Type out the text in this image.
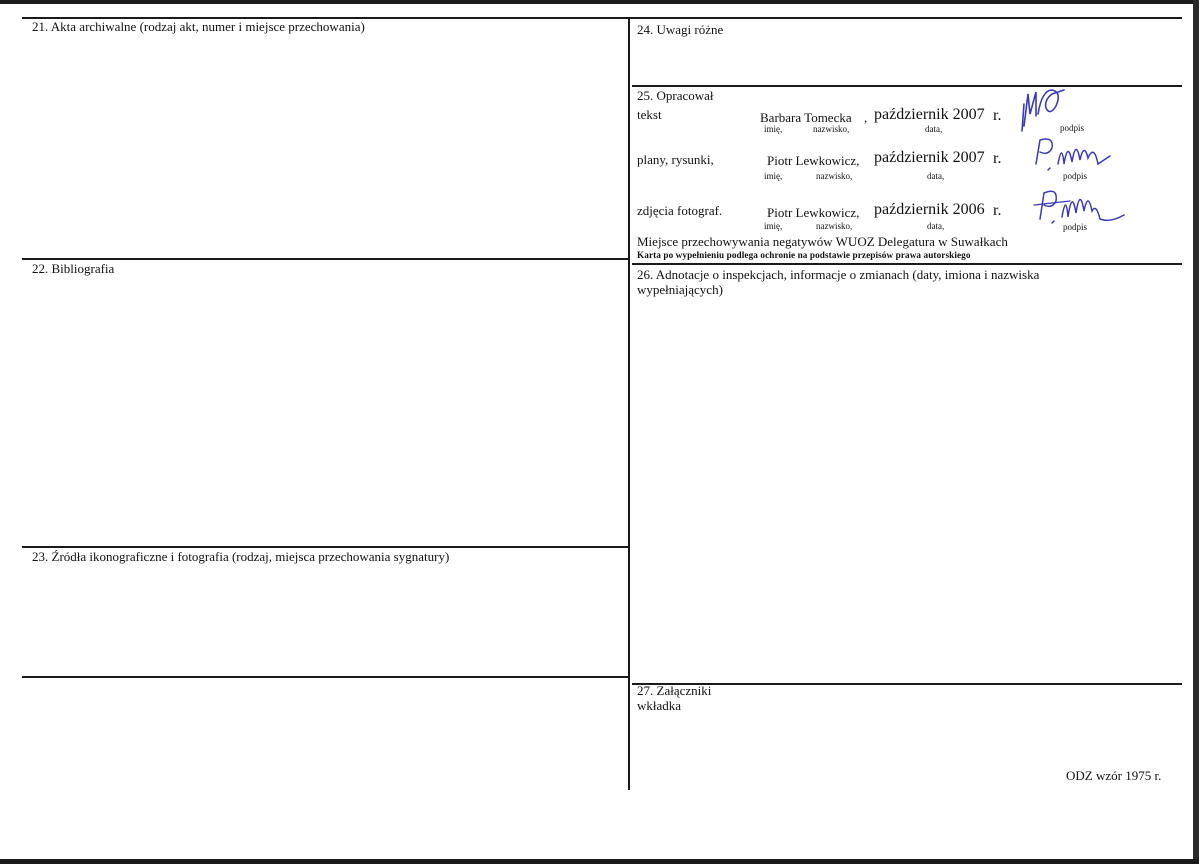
21. Akta archiwalne (rodzaj akt, numer i miejsce przechowania)
22. Bibliografia
23. Źródła ikonograficzne i fotografia (rodzaj, miejsca przechowania sygnatury)
24. Uwagi różne
25. Opracował
tekst	Barbara Tomecka , październik 2007 r.
imię,	nazwisko,	data,	podpis
plany, rysunki,	Piotr Lewkowicz, październik 2007 r.
imię,	nazwisko,	data,	podpis
zdjęcia fotograf.	Piotr Lewkowicz, październik 2006 r.
imię,	nazwisko,	data,	podpis
Miejsce przechowywania negatywów WUOZ Delegatura w Suwałkach
Karta po wypełnieniu podlega ochronie na podstawie przepisów prawa autorskiego
26. Adnotacje o inspekcjach, informacje o zmianach (daty, imiona i nazwiska
wypełniających)
27. Załączniki
wkładka
ODZ wzór 1975 r.
